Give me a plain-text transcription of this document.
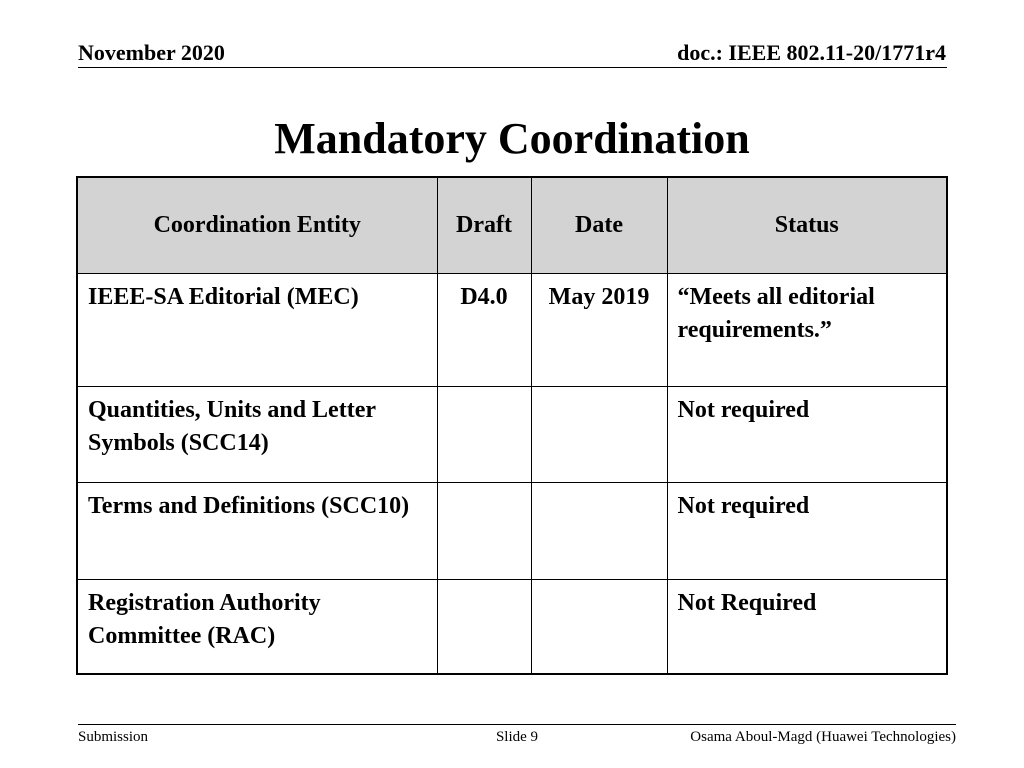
November 2020	doc.: IEEE 802.11-20/1771r4
Mandatory Coordination
Coordination Entity	Draft	Date	Status
IEEE-SA Editorial (MEC)	D4.0	May 2019	“Meets all editorial requirements.”
Quantities, Units and Letter Symbols (SCC14)			Not required
Terms and Definitions (SCC10)			Not required
Registration Authority Committee (RAC)			Not Required
Submission	Slide 9	Osama Aboul-Magd (Huawei Technologies)
